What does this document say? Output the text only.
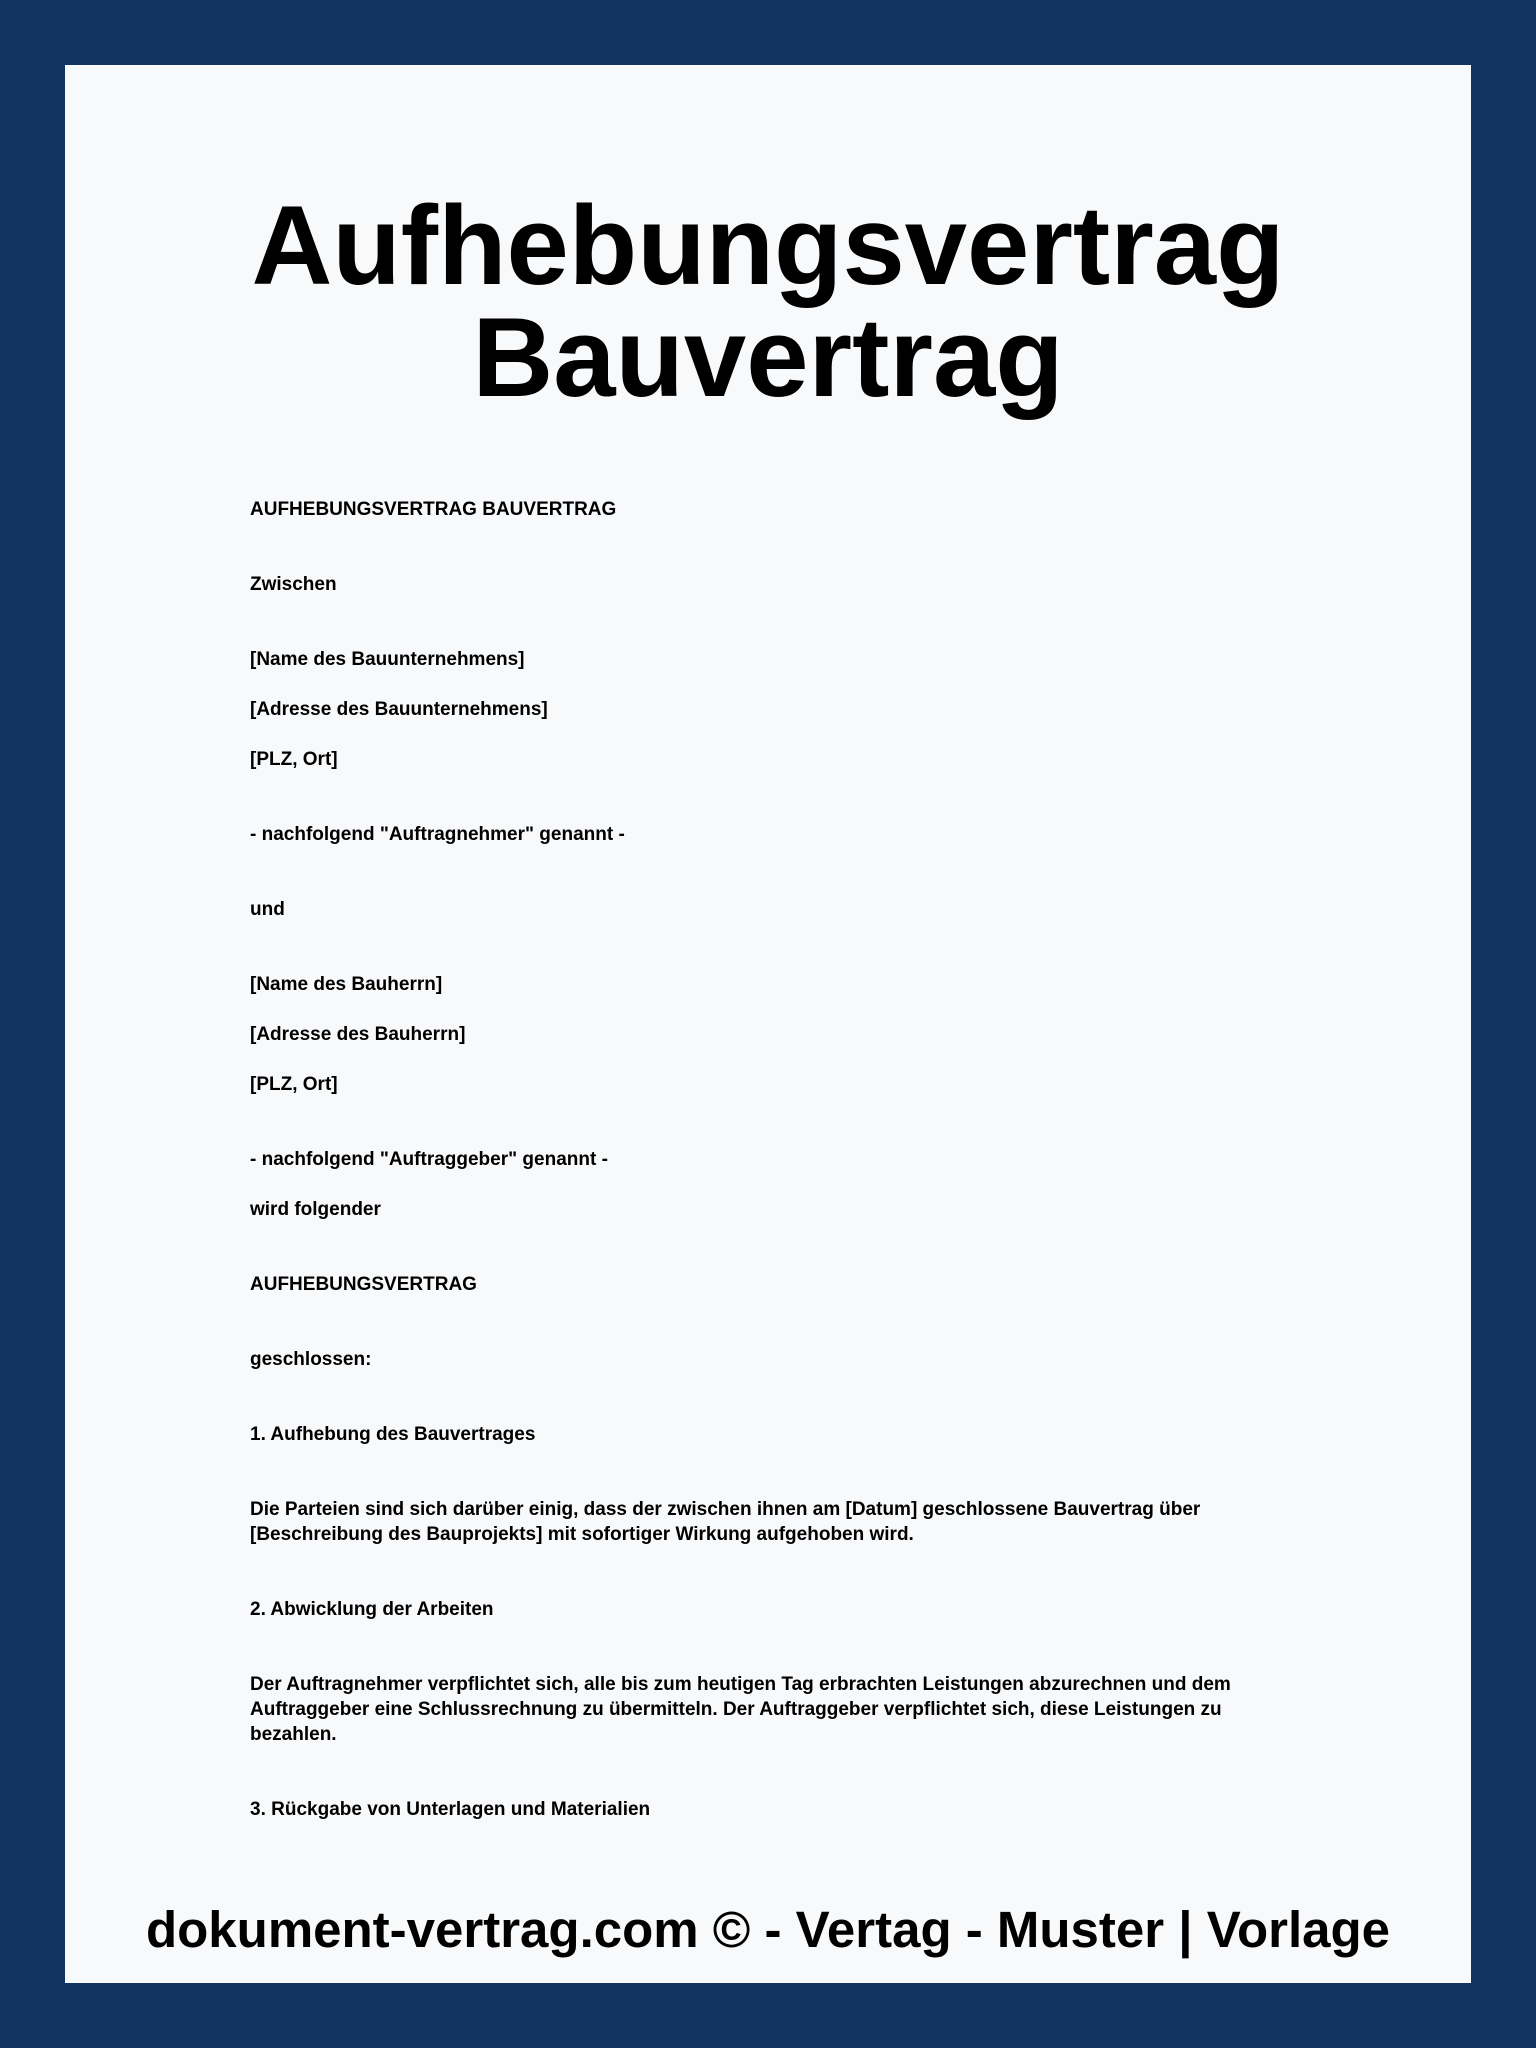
Aufhebungsvertrag
Bauvertrag

AUFHEBUNGSVERTRAG BAUVERTRAG

Zwischen

[Name des Bauunternehmens]

[Adresse des Bauunternehmens]

[PLZ, Ort]

- nachfolgend "Auftragnehmer" genannt -

und

[Name des Bauherrn]

[Adresse des Bauherrn]

[PLZ, Ort]

- nachfolgend "Auftraggeber" genannt -

wird folgender

AUFHEBUNGSVERTRAG

geschlossen:

1. Aufhebung des Bauvertrages

Die Parteien sind sich darüber einig, dass der zwischen ihnen am [Datum] geschlossene Bauvertrag über [Beschreibung des Bauprojekts] mit sofortiger Wirkung aufgehoben wird.

2. Abwicklung der Arbeiten

Der Auftragnehmer verpflichtet sich, alle bis zum heutigen Tag erbrachten Leistungen abzurechnen und dem Auftraggeber eine Schlussrechnung zu übermitteln. Der Auftraggeber verpflichtet sich, diese Leistungen zu bezahlen.

3. Rückgabe von Unterlagen und Materialien

dokument-vertrag.com © - Vertag - Muster | Vorlage
